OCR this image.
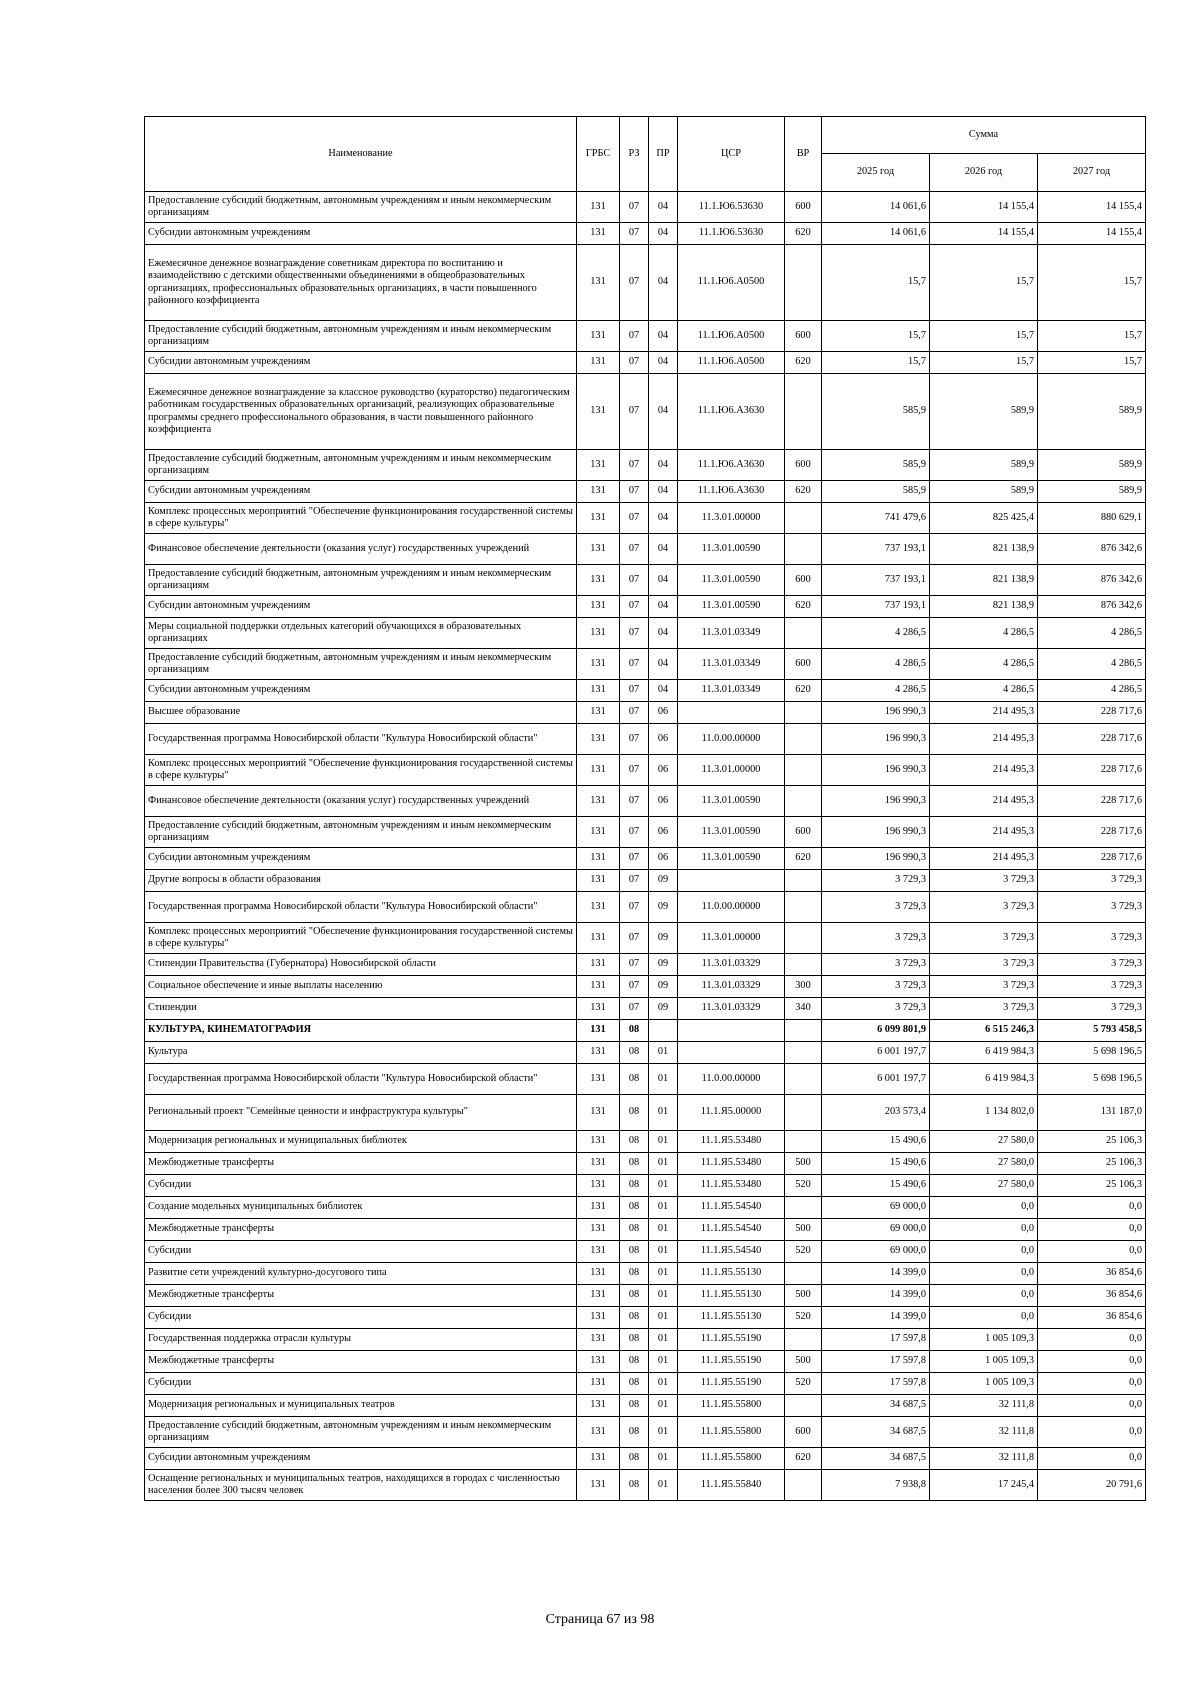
Наименование	ГРБС	РЗ	ПР	ЦСР	ВР	Сумма		
						2025 год	2026 год	2027 год
Предоставление субсидий бюджетным, автономным учреждениям и иным некоммерческим организациям	131	07	04	11.1.Ю6.53630	600	14 061,6	14 155,4	14 155,4
Субсидии автономным учреждениям	131	07	04	11.1.Ю6.53630	620	14 061,6	14 155,4	14 155,4
Ежемесячное денежное вознаграждение советникам директора по воспитанию и взаимодействию с детскими общественными объединениями в общеобразовательных организациях, профессиональных образовательных организациях, в части повышенного районного коэффициента	131	07	04	11.1.Ю6.А0500		15,7	15,7	15,7
Предоставление субсидий бюджетным, автономным учреждениям и иным некоммерческим организациям	131	07	04	11.1.Ю6.А0500	600	15,7	15,7	15,7
Субсидии автономным учреждениям	131	07	04	11.1.Ю6.А0500	620	15,7	15,7	15,7
Ежемесячное денежное вознаграждение за классное руководство (кураторство) педагогическим работникам государственных образовательных организаций, реализующих образовательные программы среднего профессионального образования, в части повышенного районного коэффициента	131	07	04	11.1.Ю6.А3630		585,9	589,9	589,9
Предоставление субсидий бюджетным, автономным учреждениям и иным некоммерческим организациям	131	07	04	11.1.Ю6.А3630	600	585,9	589,9	589,9
Субсидии автономным учреждениям	131	07	04	11.1.Ю6.А3630	620	585,9	589,9	589,9
Комплекс процессных мероприятий "Обеспечение функционирования государственной системы в сфере культуры"	131	07	04	11.3.01.00000		741 479,6	825 425,4	880 629,1
Финансовое обеспечение деятельности (оказания услуг) государственных учреждений	131	07	04	11.3.01.00590		737 193,1	821 138,9	876 342,6
Предоставление субсидий бюджетным, автономным учреждениям и иным некоммерческим организациям	131	07	04	11.3.01.00590	600	737 193,1	821 138,9	876 342,6
Субсидии автономным учреждениям	131	07	04	11.3.01.00590	620	737 193,1	821 138,9	876 342,6
Меры социальной поддержки отдельных категорий обучающихся в образовательных организациях	131	07	04	11.3.01.03349		4 286,5	4 286,5	4 286,5
Предоставление субсидий бюджетным, автономным учреждениям и иным некоммерческим организациям	131	07	04	11.3.01.03349	600	4 286,5	4 286,5	4 286,5
Субсидии автономным учреждениям	131	07	04	11.3.01.03349	620	4 286,5	4 286,5	4 286,5
Высшее образование	131	07	06			196 990,3	214 495,3	228 717,6
Государственная программа Новосибирской области "Культура Новосибирской области"	131	07	06	11.0.00.00000		196 990,3	214 495,3	228 717,6
Комплекс процессных мероприятий "Обеспечение функционирования государственной системы в сфере культуры"	131	07	06	11.3.01.00000		196 990,3	214 495,3	228 717,6
Финансовое обеспечение деятельности (оказания услуг) государственных учреждений	131	07	06	11.3.01.00590		196 990,3	214 495,3	228 717,6
Предоставление субсидий бюджетным, автономным учреждениям и иным некоммерческим организациям	131	07	06	11.3.01.00590	600	196 990,3	214 495,3	228 717,6
Субсидии автономным учреждениям	131	07	06	11.3.01.00590	620	196 990,3	214 495,3	228 717,6
Другие вопросы в области образования	131	07	09			3 729,3	3 729,3	3 729,3
Государственная программа Новосибирской области "Культура Новосибирской области"	131	07	09	11.0.00.00000		3 729,3	3 729,3	3 729,3
Комплекс процессных мероприятий "Обеспечение функционирования государственной системы в сфере культуры"	131	07	09	11.3.01.00000		3 729,3	3 729,3	3 729,3
Стипендии Правительства (Губернатора) Новосибирской области	131	07	09	11.3.01.03329		3 729,3	3 729,3	3 729,3
Социальное обеспечение и иные выплаты населению	131	07	09	11.3.01.03329	300	3 729,3	3 729,3	3 729,3
Стипендии	131	07	09	11.3.01.03329	340	3 729,3	3 729,3	3 729,3
КУЛЬТУРА, КИНЕМАТОГРАФИЯ	131	08				6 099 801,9	6 515 246,3	5 793 458,5
Культура	131	08	01			6 001 197,7	6 419 984,3	5 698 196,5
Государственная программа Новосибирской области "Культура Новосибирской области"	131	08	01	11.0.00.00000		6 001 197,7	6 419 984,3	5 698 196,5
Региональный проект "Семейные ценности и инфраструктура культуры"	131	08	01	11.1.Я5.00000		203 573,4	1 134 802,0	131 187,0
Модернизация региональных и муниципальных библиотек	131	08	01	11.1.Я5.53480		15 490,6	27 580,0	25 106,3
Межбюджетные трансферты	131	08	01	11.1.Я5.53480	500	15 490,6	27 580,0	25 106,3
Субсидии	131	08	01	11.1.Я5.53480	520	15 490,6	27 580,0	25 106,3
Создание модельных муниципальных библиотек	131	08	01	11.1.Я5.54540		69 000,0	0,0	0,0
Межбюджетные трансферты	131	08	01	11.1.Я5.54540	500	69 000,0	0,0	0,0
Субсидии	131	08	01	11.1.Я5.54540	520	69 000,0	0,0	0,0
Развитие сети учреждений культурно-досугового типа	131	08	01	11.1.Я5.55130		14 399,0	0,0	36 854,6
Межбюджетные трансферты	131	08	01	11.1.Я5.55130	500	14 399,0	0,0	36 854,6
Субсидии	131	08	01	11.1.Я5.55130	520	14 399,0	0,0	36 854,6
Государственная поддержка отрасли культуры	131	08	01	11.1.Я5.55190		17 597,8	1 005 109,3	0,0
Межбюджетные трансферты	131	08	01	11.1.Я5.55190	500	17 597,8	1 005 109,3	0,0
Субсидии	131	08	01	11.1.Я5.55190	520	17 597,8	1 005 109,3	0,0
Модернизация региональных и муниципальных театров	131	08	01	11.1.Я5.55800		34 687,5	32 111,8	0,0
Предоставление субсидий бюджетным, автономным учреждениям и иным некоммерческим организациям	131	08	01	11.1.Я5.55800	600	34 687,5	32 111,8	0,0
Субсидии автономным учреждениям	131	08	01	11.1.Я5.55800	620	34 687,5	32 111,8	0,0
Оснащение региональных и муниципальных театров, находящихся в городах с численностью населения более 300 тысяч человек	131	08	01	11.1.Я5.55840		7 938,8	17 245,4	20 791,6
Страница 67 из 98
